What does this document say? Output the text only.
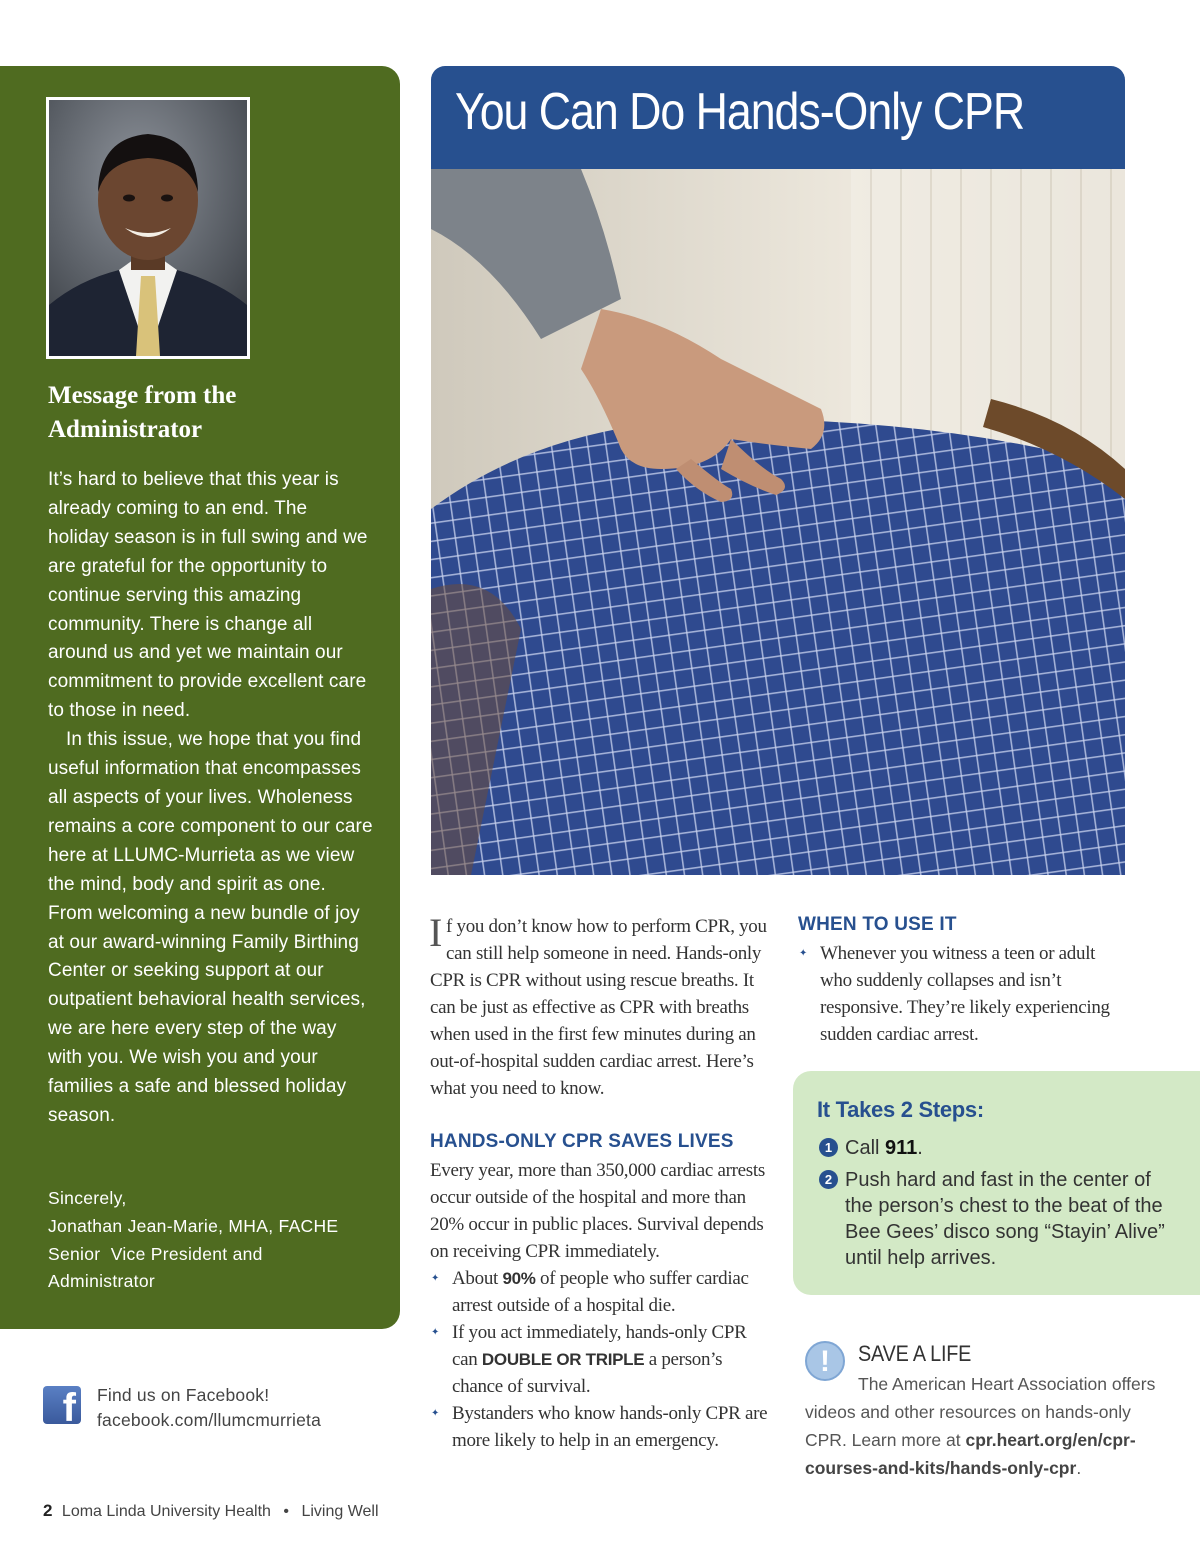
Message from the Administrator

It’s hard to believe that this year is already coming to an end. The holiday season is in full swing and we are grateful for the opportunity to continue serving this amazing community. There is change all around us and yet we maintain our commitment to provide excellent care to those in need.

In this issue, we hope that you find useful information that encompasses all aspects of your lives. Wholeness remains a core component to our care here at LLUMC-Murrieta as we view the mind, body and spirit as one. From welcoming a new bundle of joy at our award-winning Family Birthing Center or seeking support at our outpatient behavioral health services, we are here every step of the way with you. We wish you and your families a safe and blessed holiday season.

Sincerely,
Jonathan Jean-Marie, MHA, FACHE
Senior  Vice President and
Administrator
f Find us on Facebook!
facebook.com/llumcmurrieta
2 Loma Linda University Health • Living Well
You Can Do Hands-Only CPR

If you don’t know how to perform CPR, you can still help someone in need. Hands-only CPR is CPR without using rescue breaths. It can be just as effective as CPR with breaths when used in the first few minutes during an out-of-hospital sudden cardiac arrest. Here’s what you need to know.

HANDS-ONLY CPR SAVES LIVES
Every year, more than 350,000 cardiac arrests occur outside of the hospital and more than 20% occur in public places. Survival depends on receiving CPR immediately.
✦ About 90% of people who suffer cardiac arrest outside of a hospital die.
✦ If you act immediately, hands-only CPR can DOUBLE OR TRIPLE a person’s chance of survival.
✦ Bystanders who know hands-only CPR are more likely to help in an emergency.
WHEN TO USE IT
✦ Whenever you witness a teen or adult who suddenly collapses and isn’t responsive. They’re likely experiencing sudden cardiac arrest.
It Takes 2 Steps:
1 Call 911.
2 Push hard and fast in the center of the person’s chest to the beat of the Bee Gees’ disco song “Stayin’ Alive” until help arrives.
!	SAVE A LIFE

The American Heart Association offers videos and other resources on hands-only CPR. Learn more at cpr.heart.org/en/cpr-courses-and-kits/hands-only-cpr.
